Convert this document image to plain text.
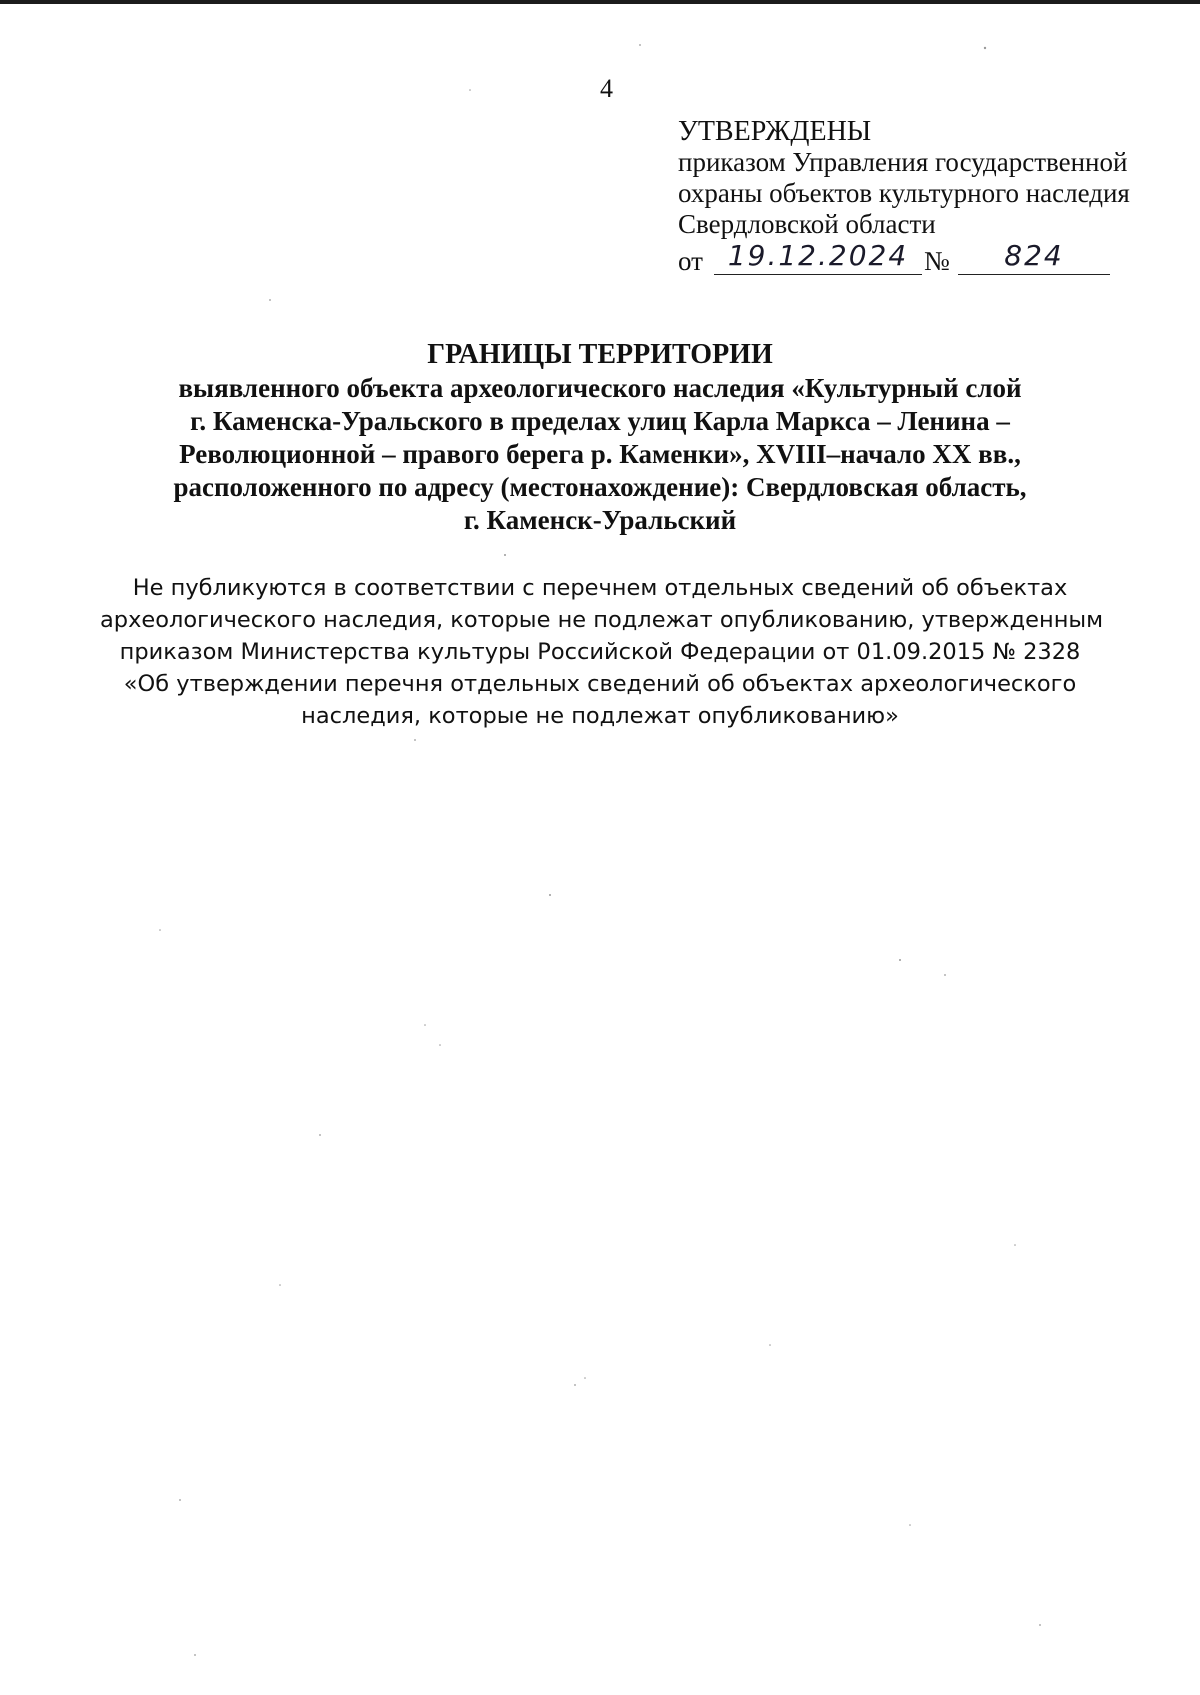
4
УТВЕРЖДЕНЫ
приказом Управления государственной
охраны объектов культурного наследия
Свердловской области
от 19.12.2024 №	824
ГРАНИЦЫ ТЕРРИТОРИИ
выявленного объекта археологического наследия «Культурный слой
г. Каменска-Уральского в пределах улиц Карла Маркса – Ленина –
Революционной – правого берега р. Каменки», XVIII–начало XX вв.,
расположенного по адресу (местонахождение): Свердловская область,
г. Каменск-Уральский
Не публикуются в соответствии с перечнем отдельных сведений об объектах
археологического наследия, которые не подлежат опубликованию, утвержденным
приказом Министерства культуры Российской Федерации от 01.09.2015 № 2328
«Об утверждении перечня отдельных сведений об объектах археологического
наследия, которые не подлежат опубликованию»
